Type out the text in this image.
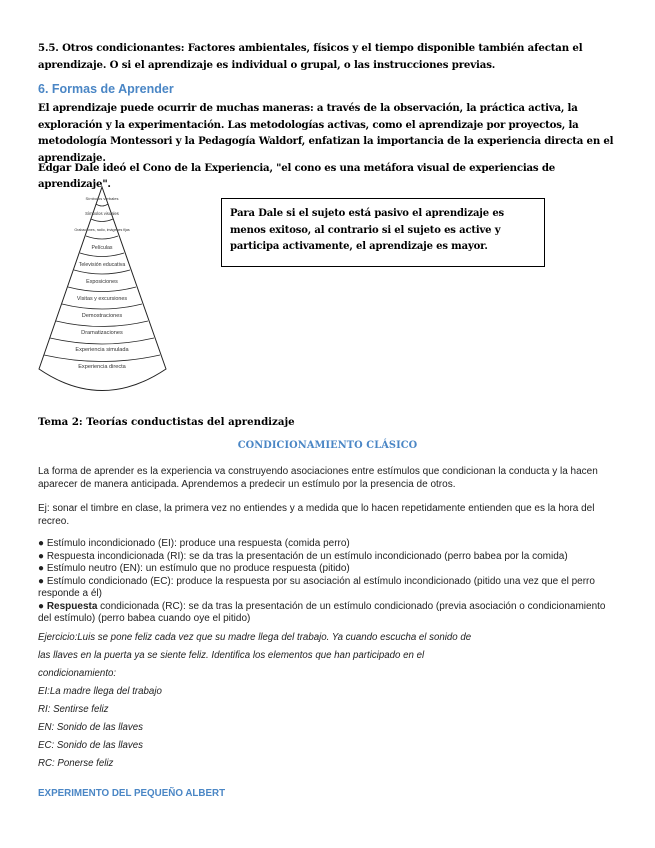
5.5. Otros condicionantes: Factores ambientales, físicos y el tiempo disponible también afectan el aprendizaje. O si el aprendizaje es individual o grupal, o las instrucciones previas.
6. Formas de Aprender
El aprendizaje puede ocurrir de muchas maneras: a través de la observación, la práctica activa, la exploración y la experimentación. Las metodologías activas, como el aprendizaje por proyectos, la metodología Montessori y la Pedagogía Waldorf, enfatizan la importancia de la experiencia directa en el aprendizaje.
Edgar Dale ideó el Cono de la Experiencia, "el cono es una metáfora visual de experiencias de aprendizaje".
Símbolos verbales
Símbolos visuales
Grabaciones, radio, imágenes fijas
Películas
Televisión educativa
Exposiciones
Visitas y excursiones
Demostraciones
Dramatizaciones
Experiencia simulada
Experiencia directa
Para Dale si el sujeto está pasivo el aprendizaje es menos exitoso, al contrario si el sujeto es active y participa activamente, el aprendizaje es mayor.
Tema 2: Teorías conductistas del aprendizaje
CONDICIONAMIENTO CLÁSICO
La forma de aprender es la experiencia va construyendo asociaciones entre estímulos que condicionan la conducta y la hacen aparecer de manera anticipada. Aprendemos a predecir un estímulo por la presencia de otros.
Ej: sonar el timbre en clase, la primera vez no entiendes y a medida que lo hacen repetidamente entienden que es la hora del recreo.
● Estímulo incondicionado (EI): produce una respuesta (comida perro)
● Respuesta incondicionada (RI): se da tras la presentación de un estímulo incondicionado (perro babea por la comida)
● Estímulo neutro (EN): un estímulo que no produce respuesta (pitido)
● Estímulo condicionado (EC): produce la respuesta por su asociación al estímulo incondicionado (pitido una vez que el perro responde a él)
● Respuesta condicionada (RC): se da tras la presentación de un estímulo condicionado (previa asociación o condicionamiento del estímulo) (perro babea cuando oye el pitido)
Ejercicio:Luis se pone feliz cada vez que su madre llega del trabajo. Ya cuando escucha el sonido de
las llaves en la puerta ya se siente feliz. Identifica los elementos que han participado en el
condicionamiento:
EI:La madre llega del trabajo
RI: Sentirse feliz
EN: Sonido de las llaves
EC: Sonido de las llaves
RC: Ponerse feliz
EXPERIMENTO DEL PEQUEÑO ALBERT
